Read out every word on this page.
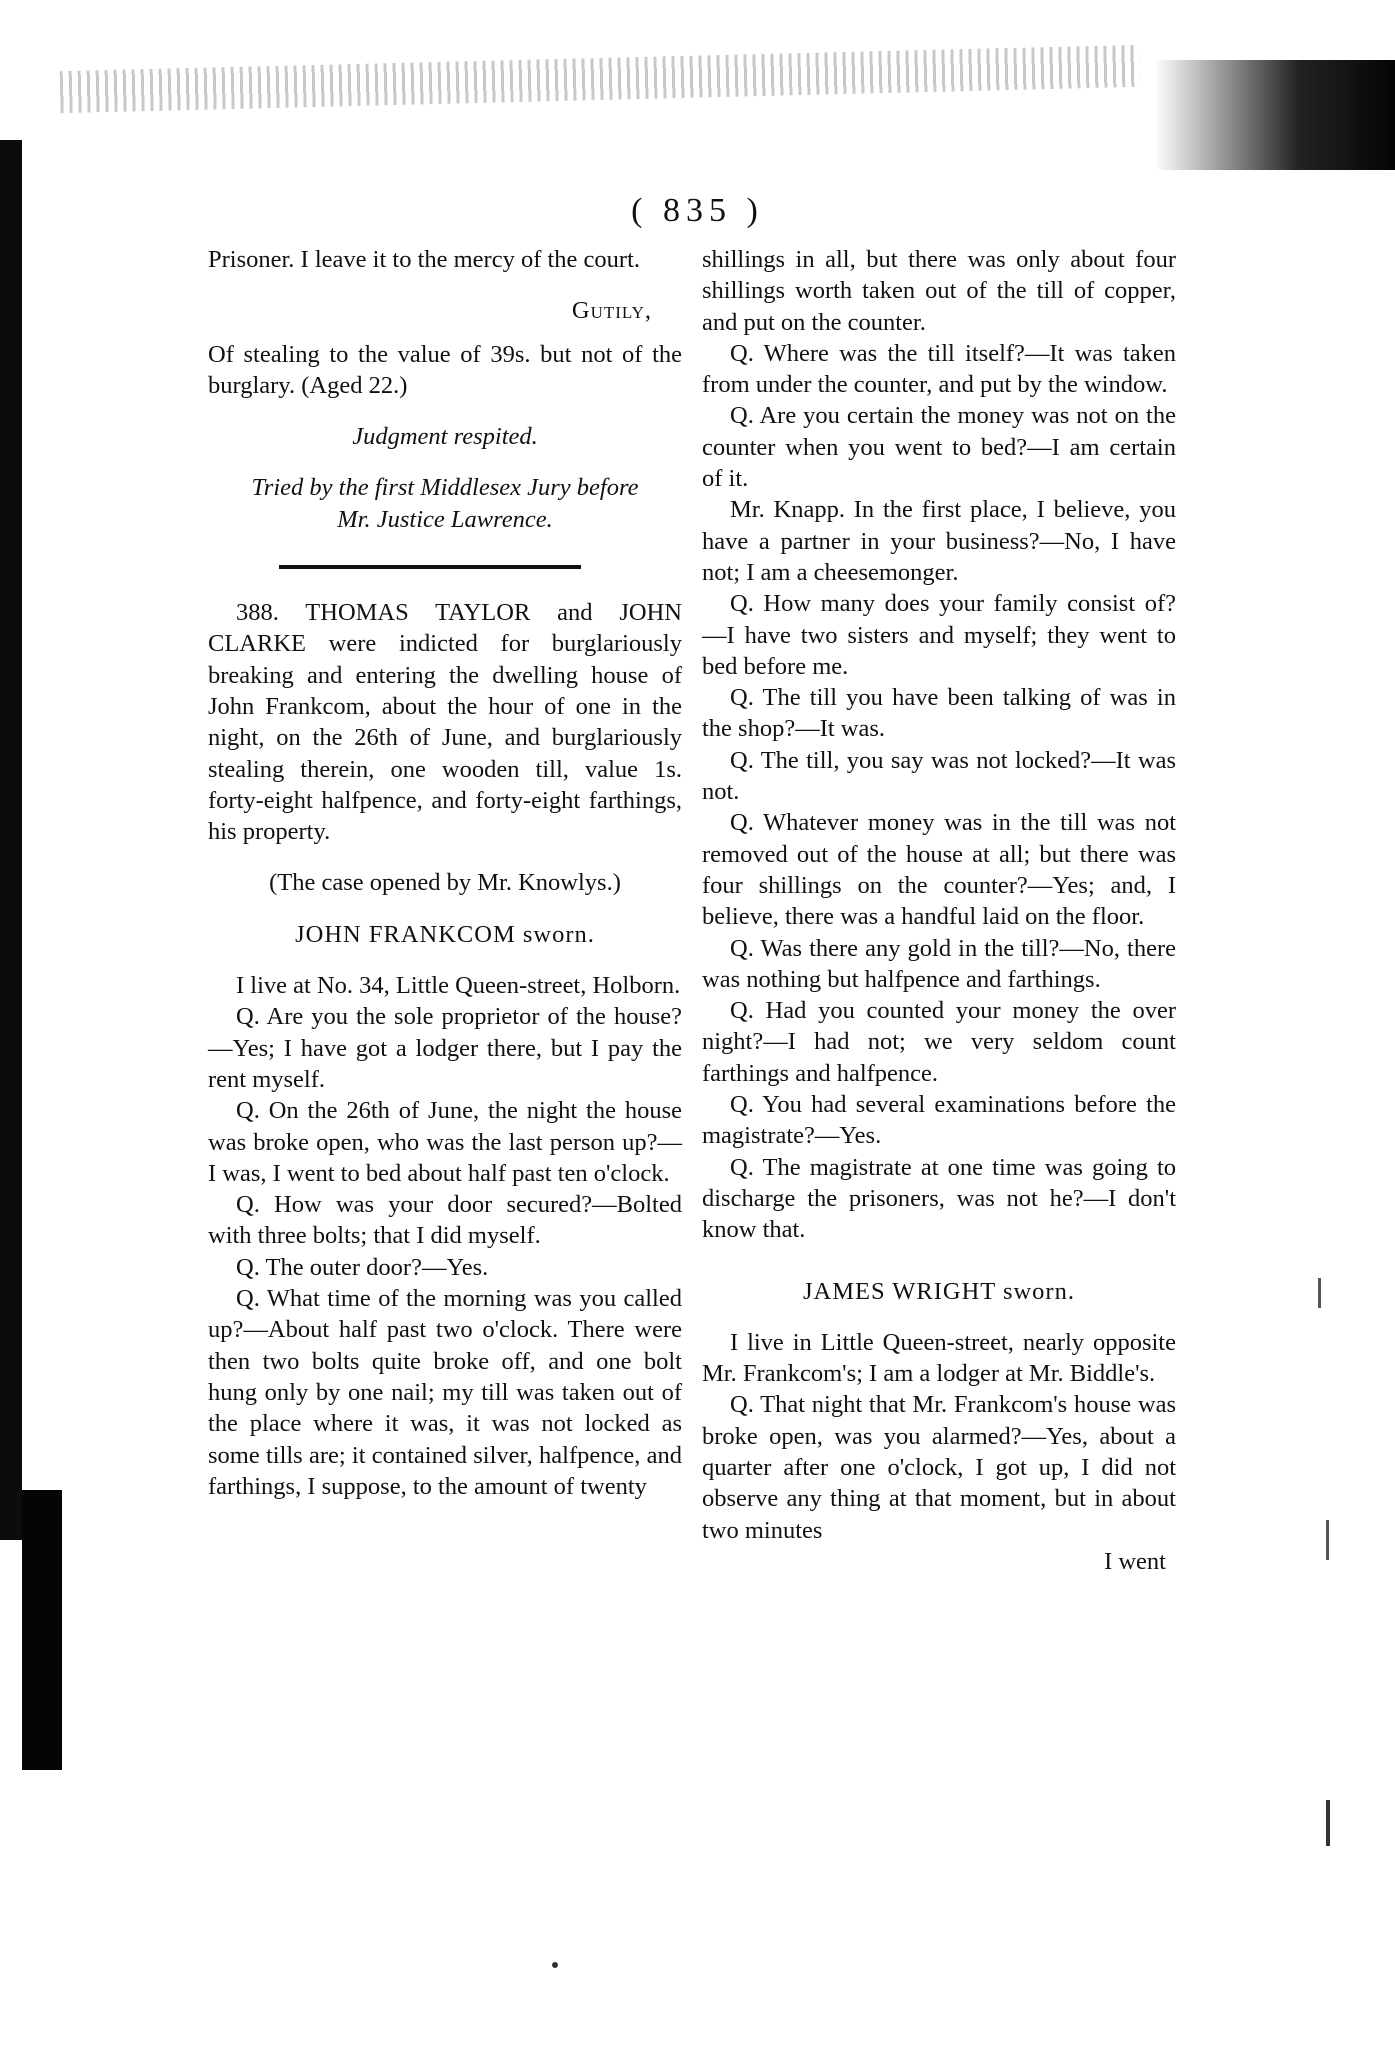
( 835 )

Prisoner. I leave it to the mercy of the court.

Gutily,

Of stealing to the value of 39s. but not of the burglary. (Aged 22.)

Judgment respited.

Tried by the first Middlesex Jury before

Mr. Justice Lawrence.

388. THOMAS TAYLOR and JOHN CLARKE were indicted for burglariously breaking and entering the dwelling house of John Frankcom, about the hour of one in the night, on the 26th of June, and burglariously stealing therein, one wooden till, value 1s. forty-eight halfpence, and forty-eight farthings, his property.

(The case opened by Mr. Knowlys.)

JOHN FRANKCOM sworn.

I live at No. 34, Little Queen-street, Holborn.

Q. Are you the sole proprietor of the house?—Yes; I have got a lodger there, but I pay the rent myself.

Q. On the 26th of June, the night the house was broke open, who was the last person up?—I was, I went to bed about half past ten o'clock.

Q. How was your door secured?—Bolted with three bolts; that I did myself.

Q. The outer door?—Yes.

Q. What time of the morning was you called up?—About half past two o'clock. There were then two bolts quite broke off, and one bolt hung only by one nail; my till was taken out of the place where it was, it was not locked as some tills are; it contained silver, halfpence, and farthings, I suppose, to the amount of twenty

shillings in all, but there was only about four shillings worth taken out of the till of copper, and put on the counter.

Q. Where was the till itself?—It was taken from under the counter, and put by the window.

Q. Are you certain the money was not on the counter when you went to bed?—I am certain of it.

Mr. Knapp. In the first place, I believe, you have a partner in your business?—No, I have not; I am a cheesemonger.

Q. How many does your family consist of?—I have two sisters and myself; they went to bed before me.

Q. The till you have been talking of was in the shop?—It was.

Q. The till, you say was not locked?—It was not.

Q. Whatever money was in the till was not removed out of the house at all; but there was four shillings on the counter?—Yes; and, I believe, there was a handful laid on the floor.

Q. Was there any gold in the till?—No, there was nothing but halfpence and farthings.

Q. Had you counted your money the over night?—I had not; we very seldom count farthings and halfpence.

Q. You had several examinations before the magistrate?—Yes.

Q. The magistrate at one time was going to discharge the prisoners, was not he?—I don't know that.

JAMES WRIGHT sworn.

I live in Little Queen-street, nearly opposite Mr. Frankcom's; I am a lodger at Mr. Biddle's.

Q. That night that Mr. Frankcom's house was broke open, was you alarmed?—Yes, about a quarter after one o'clock, I got up, I did not observe any thing at that moment, but in about two minutes

I went
